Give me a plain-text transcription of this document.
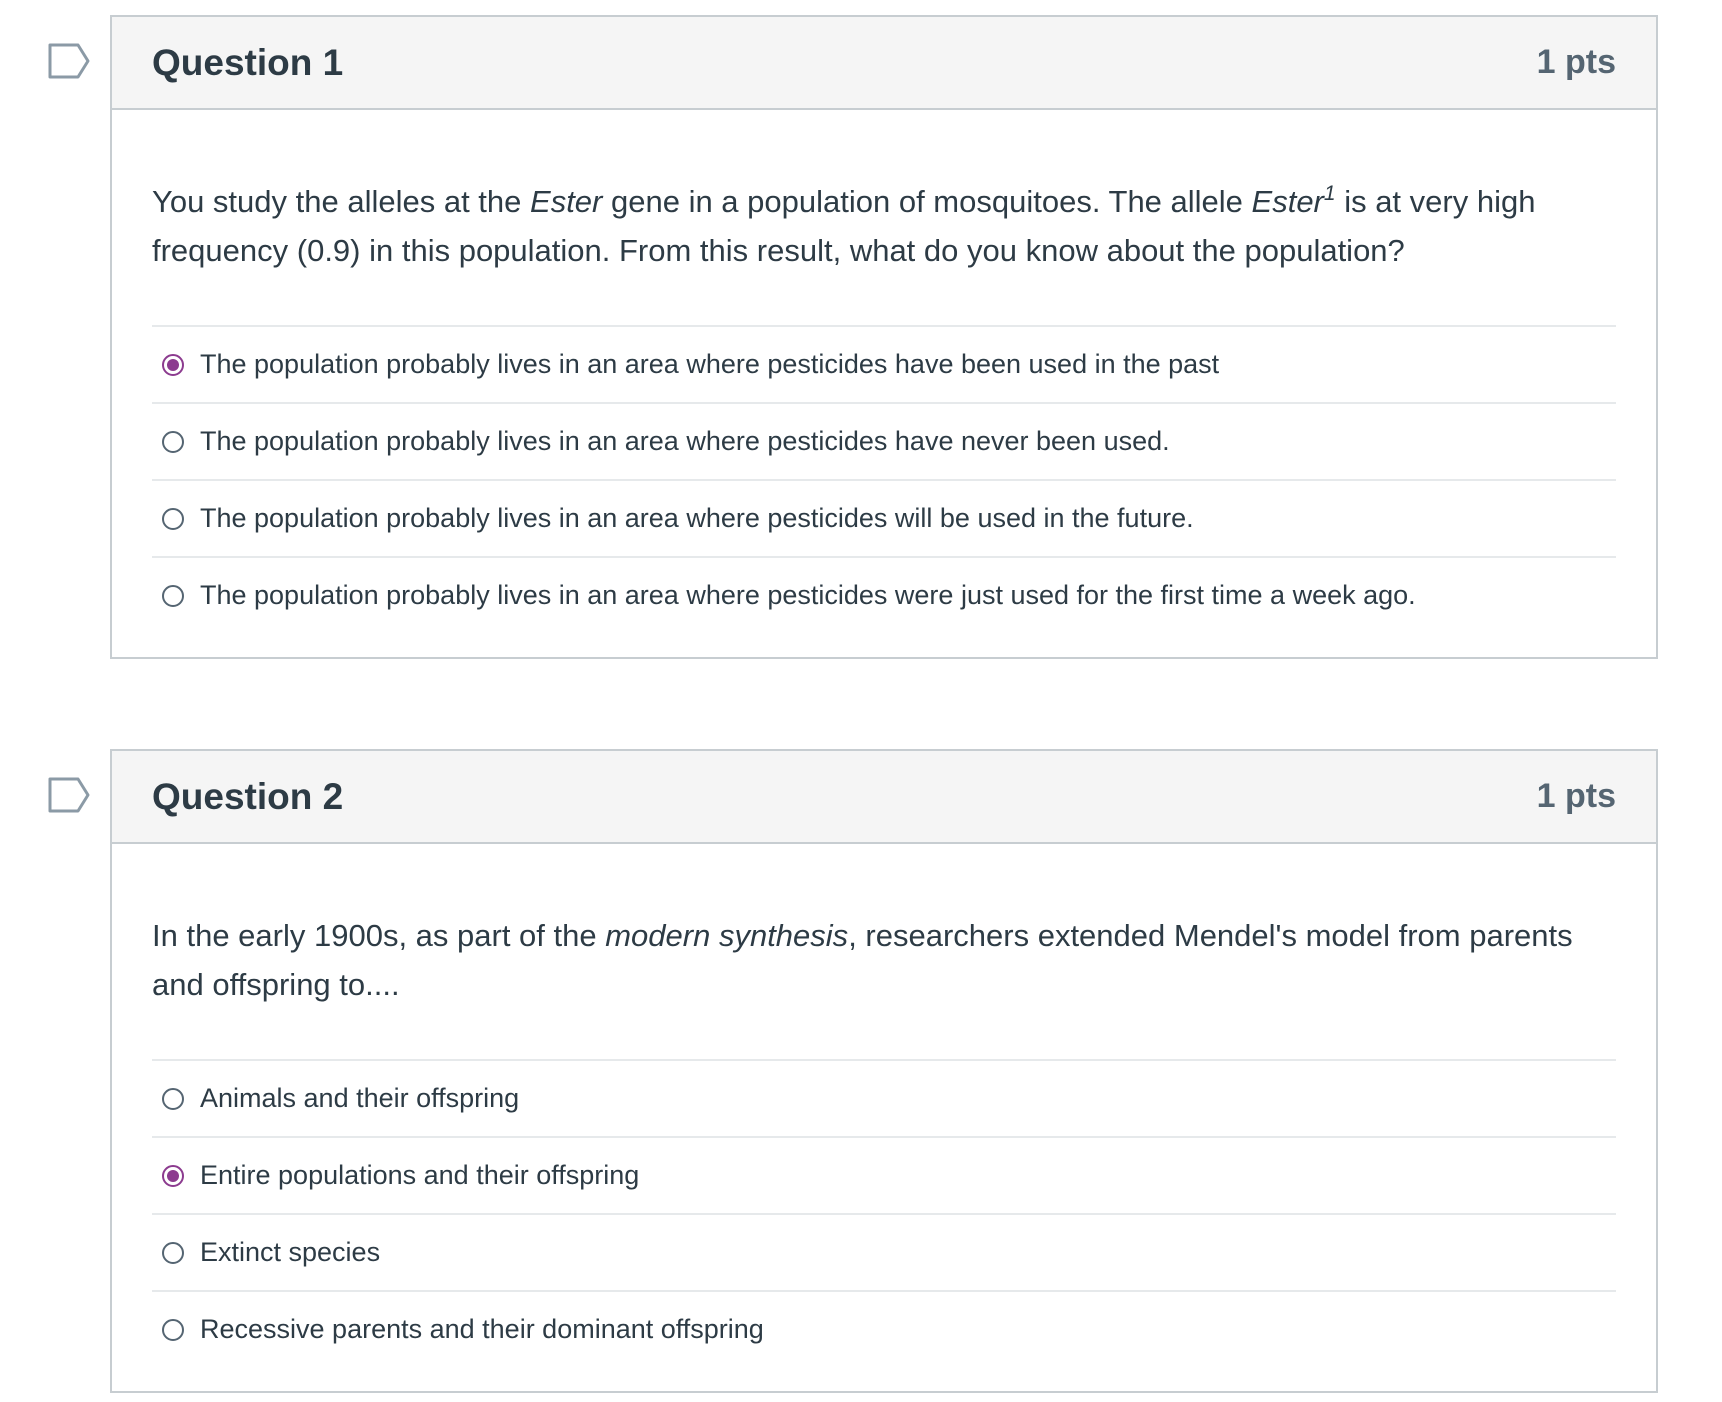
Question 1	1 pts
You study the alleles at the Ester gene in a population of mosquitoes. The allele Ester$^1$ is at very high frequency (0.9) in this population. From this result, what do you know about the population?
The population probably lives in an area where pesticides have been used in the past
The population probably lives in an area where pesticides have never been used.
The population probably lives in an area where pesticides will be used in the future.
The population probably lives in an area where pesticides were just used for the first time a week ago.
Question 2	1 pts
In the early 1900s, as part of the modern synthesis, researchers extended Mendel's model from parents and offspring to....
Animals and their offspring
Entire populations and their offspring
Extinct species
Recessive parents and their dominant offspring
